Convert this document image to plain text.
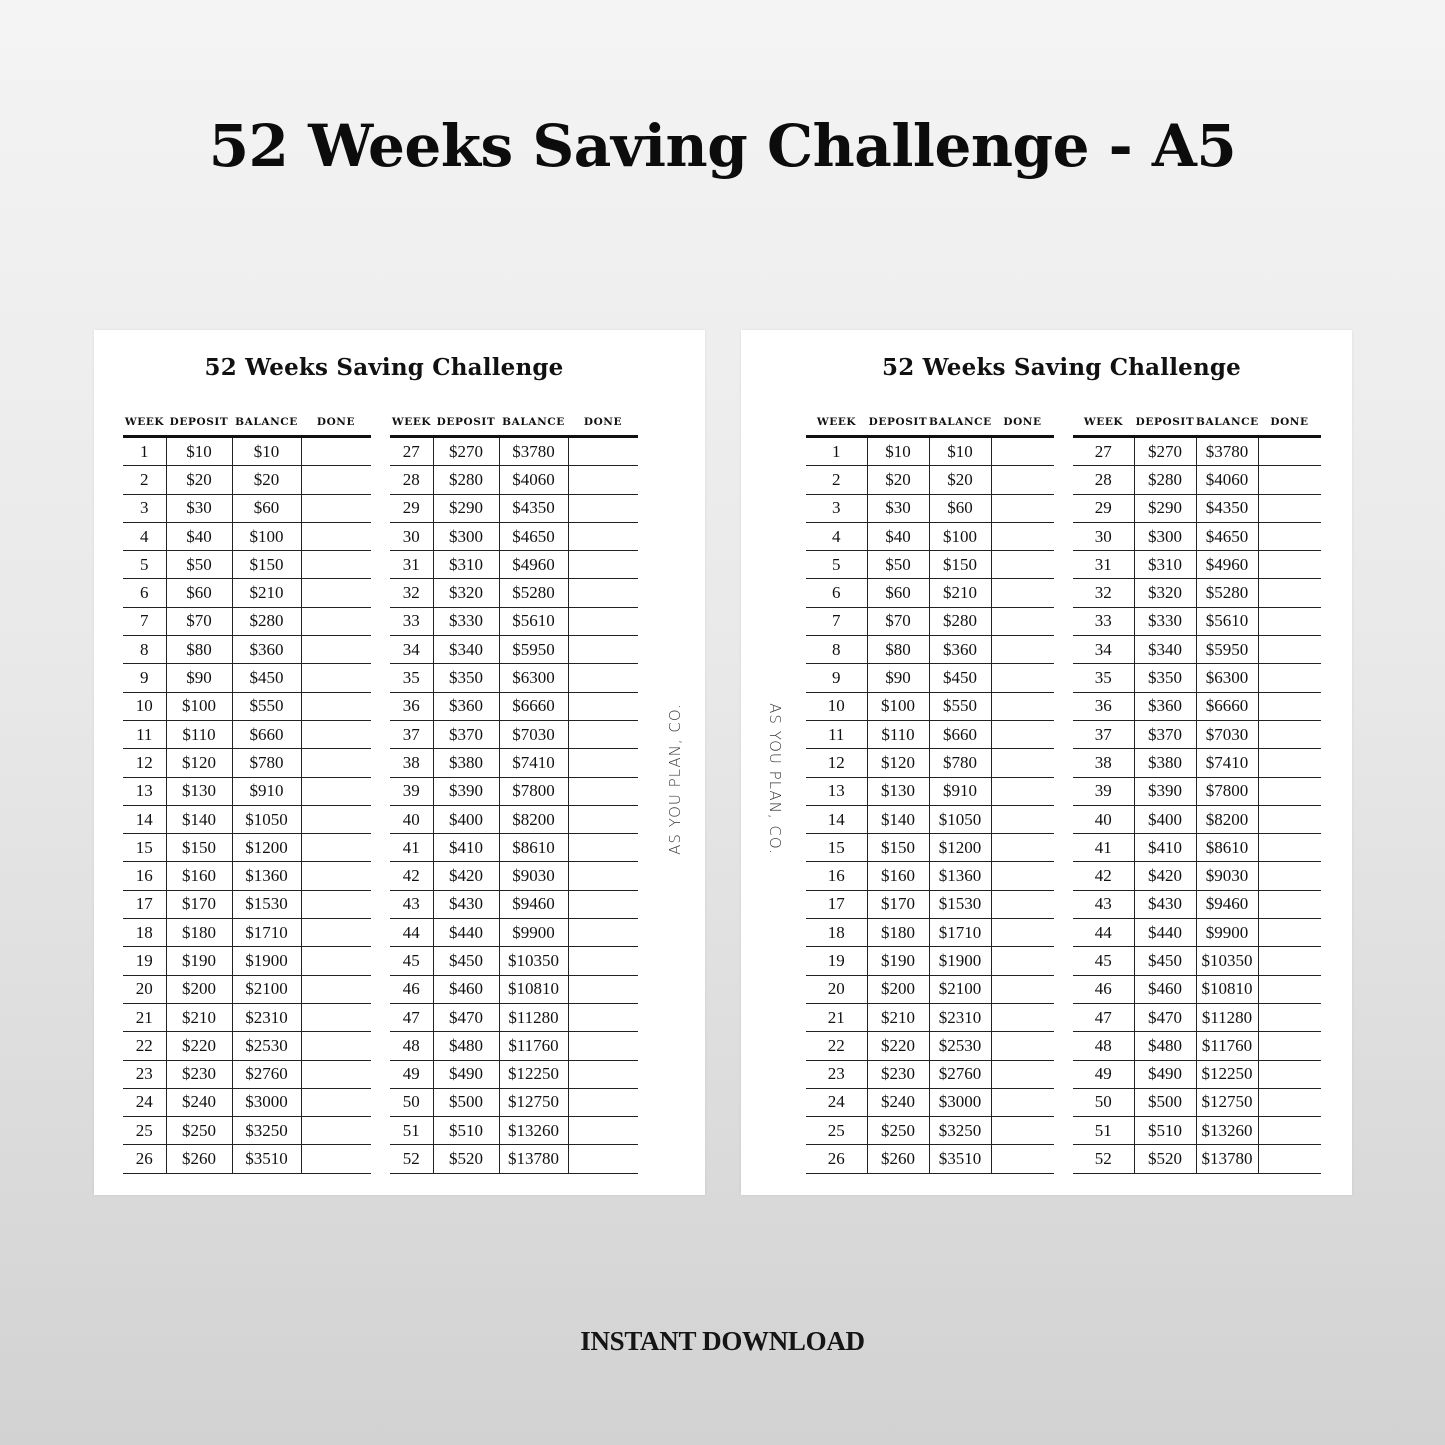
52 Weeks Saving Challenge - A5
52 Weeks Saving Challenge
WEEK	DEPOSIT	BALANCE	DONE
1	$10	$10	
2	$20	$20	
3	$30	$60	
4	$40	$100	
5	$50	$150	
6	$60	$210	
7	$70	$280	
8	$80	$360	
9	$90	$450	
10	$100	$550	
11	$110	$660	
12	$120	$780	
13	$130	$910	
14	$140	$1050	
15	$150	$1200	
16	$160	$1360	
17	$170	$1530	
18	$180	$1710	
19	$190	$1900	
20	$200	$2100	
21	$210	$2310	
22	$220	$2530	
23	$230	$2760	
24	$240	$3000	
25	$250	$3250	
26	$260	$3510	
WEEK	DEPOSIT	BALANCE	DONE
27	$270	$3780	
28	$280	$4060	
29	$290	$4350	
30	$300	$4650	
31	$310	$4960	
32	$320	$5280	
33	$330	$5610	
34	$340	$5950	
35	$350	$6300	
36	$360	$6660	
37	$370	$7030	
38	$380	$7410	
39	$390	$7800	
40	$400	$8200	
41	$410	$8610	
42	$420	$9030	
43	$430	$9460	
44	$440	$9900	
45	$450	$10350	
46	$460	$10810	
47	$470	$11280	
48	$480	$11760	
49	$490	$12250	
50	$500	$12750	
51	$510	$13260	
52	$520	$13780	
AS YOU PLAN, CO.
52 Weeks Saving Challenge
WEEK	DEPOSIT	BALANCE	DONE
1	$10	$10	
2	$20	$20	
3	$30	$60	
4	$40	$100	
5	$50	$150	
6	$60	$210	
7	$70	$280	
8	$80	$360	
9	$90	$450	
10	$100	$550	
11	$110	$660	
12	$120	$780	
13	$130	$910	
14	$140	$1050	
15	$150	$1200	
16	$160	$1360	
17	$170	$1530	
18	$180	$1710	
19	$190	$1900	
20	$200	$2100	
21	$210	$2310	
22	$220	$2530	
23	$230	$2760	
24	$240	$3000	
25	$250	$3250	
26	$260	$3510	
WEEK	DEPOSIT	BALANCE	DONE
27	$270	$3780	
28	$280	$4060	
29	$290	$4350	
30	$300	$4650	
31	$310	$4960	
32	$320	$5280	
33	$330	$5610	
34	$340	$5950	
35	$350	$6300	
36	$360	$6660	
37	$370	$7030	
38	$380	$7410	
39	$390	$7800	
40	$400	$8200	
41	$410	$8610	
42	$420	$9030	
43	$430	$9460	
44	$440	$9900	
45	$450	$10350	
46	$460	$10810	
47	$470	$11280	
48	$480	$11760	
49	$490	$12250	
50	$500	$12750	
51	$510	$13260	
52	$520	$13780	
AS YOU PLAN, CO.
INSTANT DOWNLOAD
